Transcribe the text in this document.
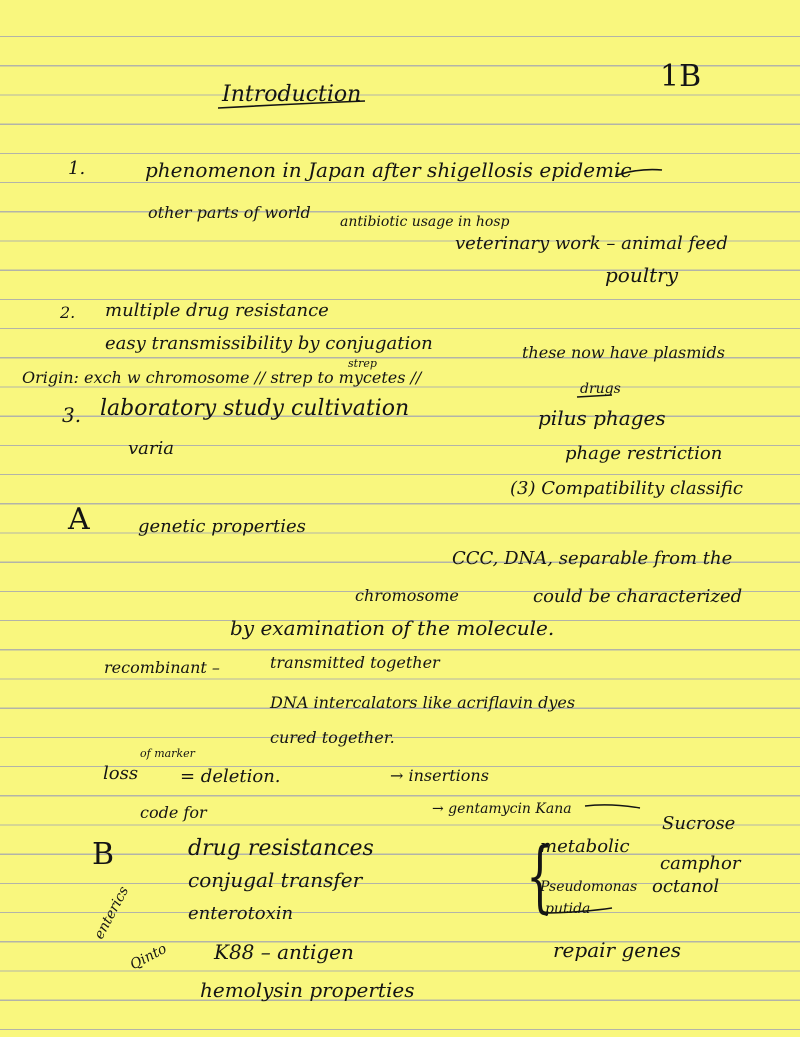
Introduction
1B
1.	phenomenon in Japan after shigellosis epidemic
other parts of world antibiotic usage in hosp
veterinary work – animal feed
poultry
2. multiple drug resistance
easy transmissibility by conjugation
strep
Origin: exch w chromosome // strep to mycetes //
these now have plasmids
drugs
3. laboratory study cultivation	pilus phages
varia	phage restriction
(3) Compatibility classific
A	genetic properties
CCC, DNA, separable from the
chromosome	could be characterized
by examination of the molecule.
recombinant –	transmitted together
DNA intercalators like acriflavin dyes
cured together.
loss
of marker
= deletion.	→ insertions
code for	→ gentamycin Kana
Sucrose
B	drug resistances	metabolic
camphor
{
conjugal transfer	Pseudomonas octanol
putida
enterics	enterotoxin
Qinto K88 – antigen	repair genes
hemolysin properties
